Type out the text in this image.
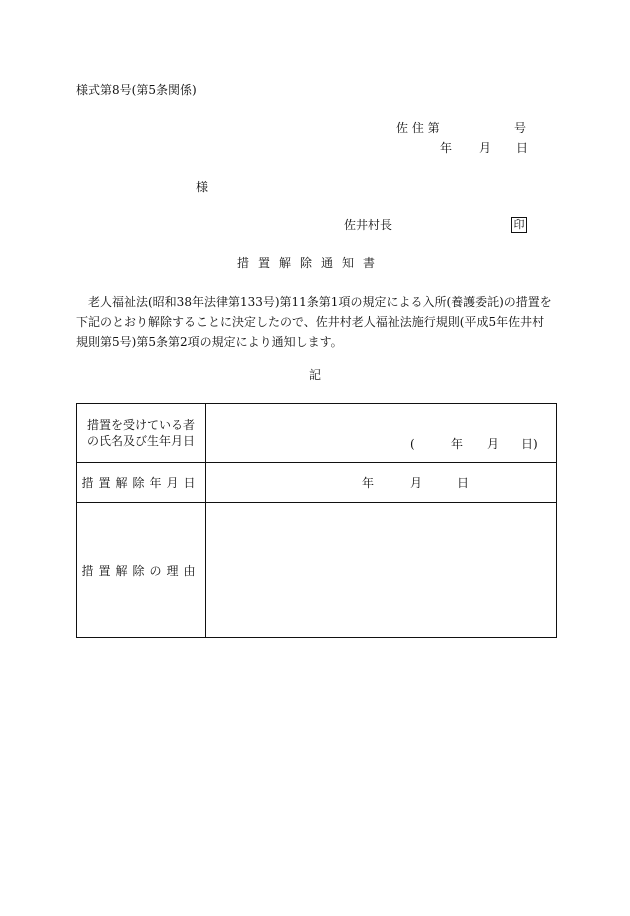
様式第8号(第5条関係)
佐 住 第	号
年 月 日
様
佐井村長	印
措置解除通知書
老人福祉法(昭和38年法律第133号)第11条第1項の規定による入所(養護委託)の措置を
下記のとおり解除することに決定したので、佐井村老人福祉法施行規則(平成5年佐井村
規則第5号)第5条第2項の規定により通知します。
記
措置を受けている者
の氏名及び生年月日	(	年 月 日)
措置解除年月日	年	月	日
措置解除の理由
